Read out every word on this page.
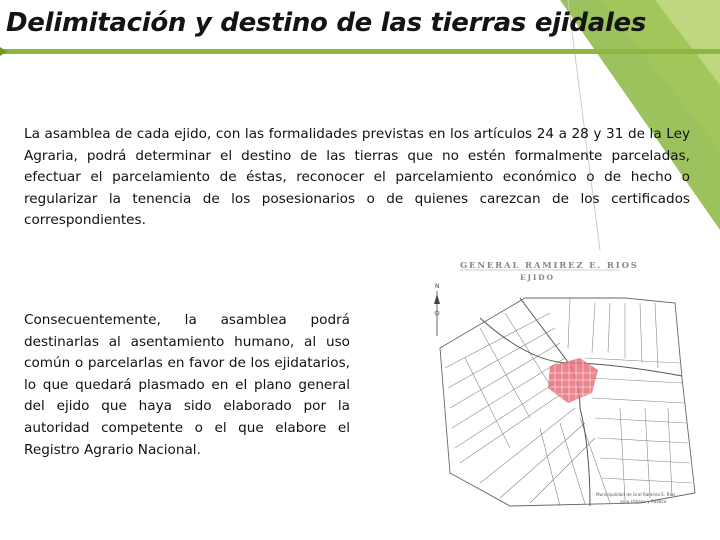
Delimitación y destino de las tierras ejidales

La asamblea de cada ejido, con las formalidades previstas en los artículos 24 a 28 y 31 de la Ley Agraria, podrá determinar el destino de las tierras que no estén formalmente parceladas, efectuar el parcelamiento de éstas, reconocer el parcelamiento económico o de hecho o regularizar la tenencia de los posesionarios o de quienes carezcan de los certificados correspondientes.

Consecuentemente, la asamblea podrá destinarlas al asentamiento humano, al uso común o parcelarlas en favor de los ejidatarios, lo que quedará plasmado en el plano general del ejido que haya sido elaborado por la autoridad competente o el que elabore el Registro Agrario Nacional.

GENERAL RAMIREZ E. RIOS
EJIDO
N
Municipalidad de Gral Ramírez E. Ríos
area Urbana y Rústica
